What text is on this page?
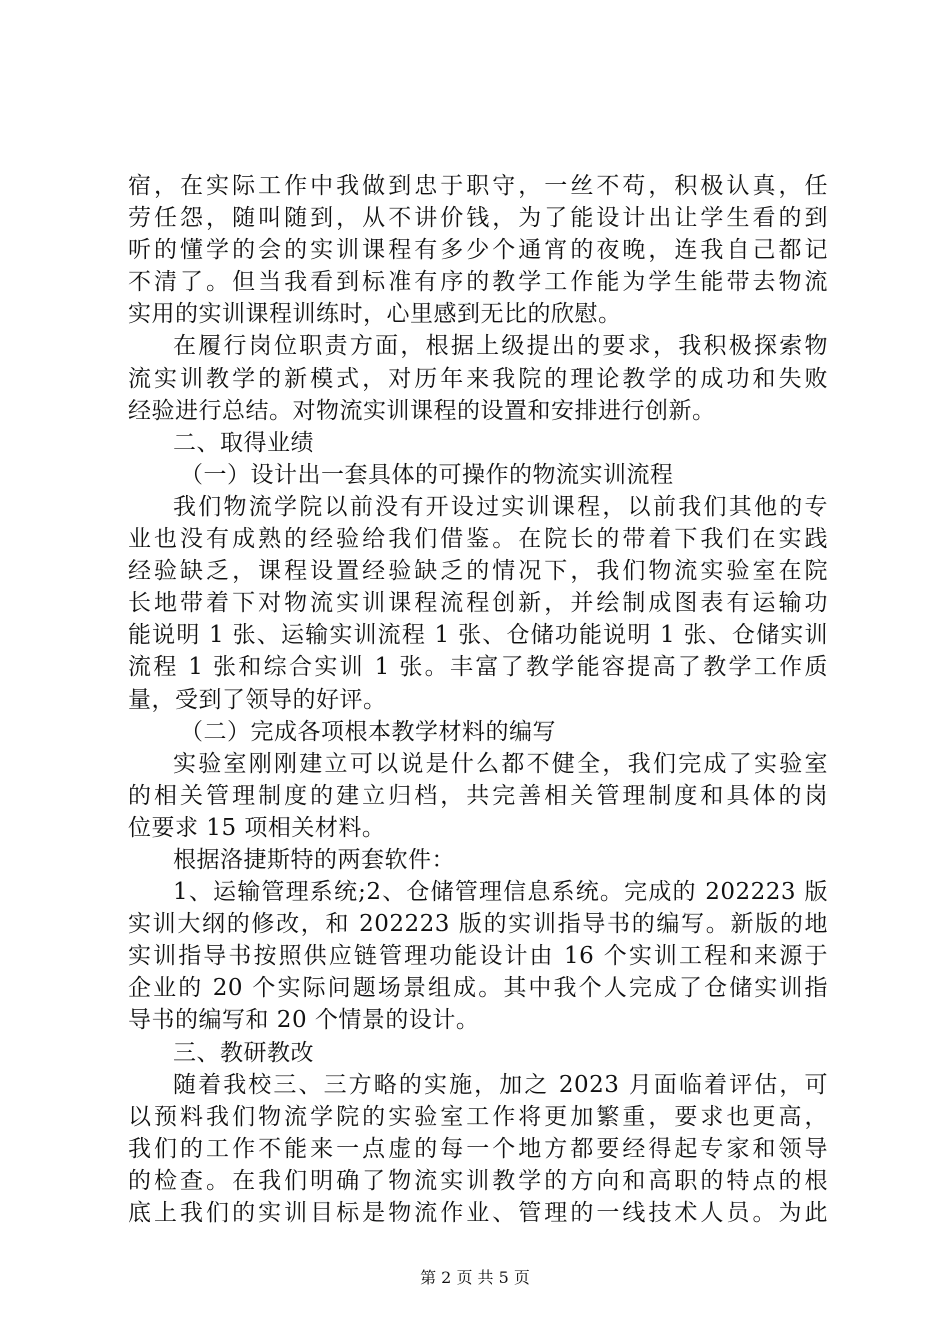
宿，在实际工作中我做到忠于职守，一丝不苟，积极认真，任
劳任怨，随叫随到，从不讲价钱，为了能设计出让学生看的到
听的懂学的会的实训课程有多少个通宵的夜晚，连我自己都记
不清了。但当我看到标准有序的教学工作能为学生能带去物流
实用的实训课程训练时，心里感到无比的欣慰。
在履行岗位职责方面，根据上级提出的要求，我积极探索物
流实训教学的新模式，对历年来我院的理论教学的成功和失败
经验进行总结。对物流实训课程的设置和安排进行创新。
二、取得业绩
（一）设计出一套具体的可操作的物流实训流程
我们物流学院以前没有开设过实训课程，以前我们其他的专
业也没有成熟的经验给我们借鉴。在院长的带着下我们在实践
经验缺乏，课程设置经验缺乏的情况下，我们物流实验室在院
长地带着下对物流实训课程流程创新，并绘制成图表有运输功
能说明 1 张、运输实训流程 1 张、仓储功能说明 1 张、仓储实训
流程 1 张和综合实训 1 张。丰富了教学能容提高了教学工作质
量，受到了领导的好评。
（二）完成各项根本教学材料的编写
实验室刚刚建立可以说是什么都不健全，我们完成了实验室
的相关管理制度的建立归档，共完善相关管理制度和具体的岗
位要求 15 项相关材料。
根据洛捷斯特的两套软件：
1、运输管理系统;2、仓储管理信息系统。完成的 202223 版
实训大纲的修改，和 202223 版的实训指导书的编写。新版的地
实训指导书按照供应链管理功能设计由 16 个实训工程和来源于
企业的 20 个实际问题场景组成。其中我个人完成了仓储实训指
导书的编写和 20 个情景的设计。
三、教研教改
随着我校三、三方略的实施，加之 2023 月面临着评估，可
以预料我们物流学院的实验室工作将更加繁重，要求也更高，
我们的工作不能来一点虚的每一个地方都要经得起专家和领导
的检查。在我们明确了物流实训教学的方向和高职的特点的根
底上我们的实训目标是物流作业、管理的一线技术人员。为此
第 2 页 共 5 页
